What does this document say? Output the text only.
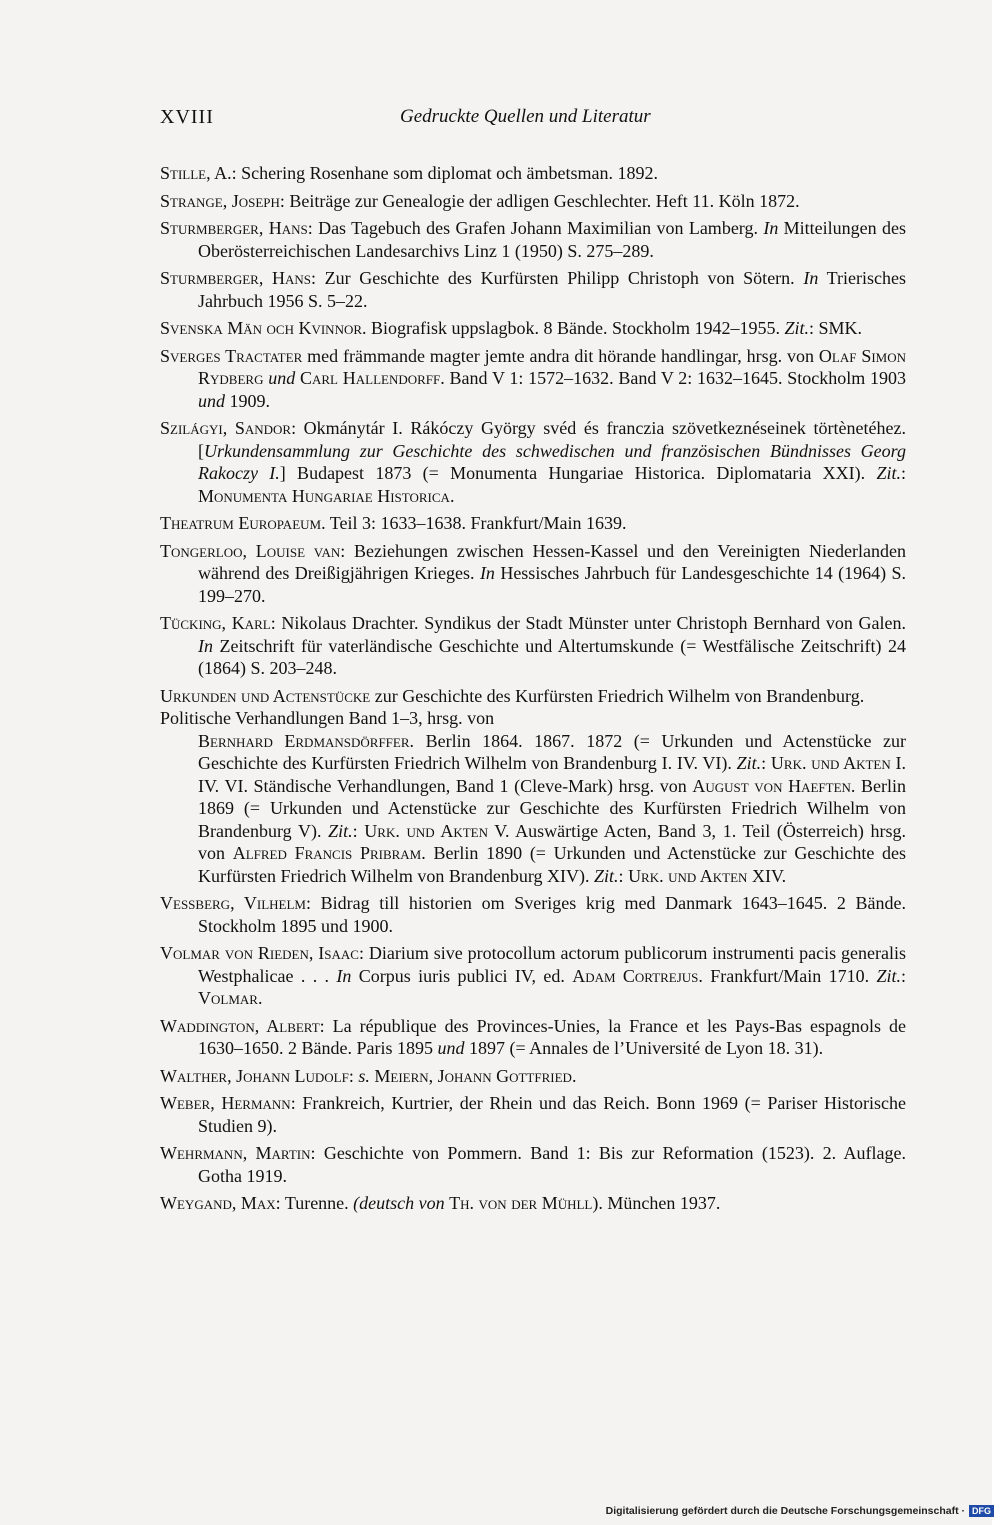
XVIII	Gedruckte Quellen und Literatur

Stille, A.: Schering Rosenhane som diplomat och ämbetsman. 1892.

Strange, Joseph: Beiträge zur Genealogie der adligen Geschlechter. Heft 11. Köln 1872.

Sturmberger, Hans: Das Tagebuch des Grafen Johann Maximilian von Lamberg. In Mitteilungen des Oberösterreichischen Landesarchivs Linz 1 (1950) S. 275–289.

Sturmberger, Hans: Zur Geschichte des Kurfürsten Philipp Christoph von Sötern. In Trierisches Jahrbuch 1956 S. 5–22.

Svenska Män och Kvinnor. Biografisk uppslagbok. 8 Bände. Stockholm 1942–1955. Zit.: SMK.

Sverges Tractater med främmande magter jemte andra dit hörande handlingar, hrsg. von Olaf Simon Rydberg und Carl Hallendorff. Band V 1: 1572–1632. Band V 2: 1632–1645. Stockholm 1903 und 1909.

Szilágyi, Sandor: Okmánytár I. Rákóczy György svéd és franczia szövetkeznéseinek törtènetéhez. [Urkundensammlung zur Geschichte des schwedischen und französischen Bündnisses Georg Rakoczy I.] Budapest 1873 (= Monumenta Hungariae Historica. Diplomataria XXI). Zit.: Monumenta Hungariae Historica.

Theatrum Europaeum. Teil 3: 1633–1638. Frankfurt/Main 1639.

Tongerloo, Louise van: Beziehungen zwischen Hessen-Kassel und den Vereinigten Niederlanden während des Dreißigjährigen Krieges. In Hessisches Jahrbuch für Landesgeschichte 14 (1964) S. 199–270.

Tücking, Karl: Nikolaus Drachter. Syndikus der Stadt Münster unter Christoph Bernhard von Galen. In Zeitschrift für vaterländische Geschichte und Altertumskunde (= Westfälische Zeitschrift) 24 (1864) S. 203–248.

Urkunden und Actenstücke zur Geschichte des Kurfürsten Friedrich Wilhelm von Brandenburg.
Politische Verhandlungen Band 1–3, hrsg. von
Bernhard Erdmansdörffer. Berlin 1864. 1867. 1872 (= Urkunden und Actenstücke zur Geschichte des Kurfürsten Friedrich Wilhelm von Brandenburg I. IV. VI). Zit.: Urk. und Akten I. IV. VI. Ständische Verhandlungen, Band 1 (Cleve-Mark) hrsg. von August von Haeften. Berlin 1869 (= Urkunden und Actenstücke zur Geschichte des Kurfürsten Friedrich Wilhelm von Brandenburg V). Zit.: Urk. und Akten V. Auswärtige Acten, Band 3, 1. Teil (Österreich) hrsg. von Alfred Francis Pribram. Berlin 1890 (= Urkunden und Actenstücke zur Geschichte des Kurfürsten Friedrich Wilhelm von Brandenburg XIV). Zit.: Urk. und Akten XIV.

Vessberg, Vilhelm: Bidrag till historien om Sveriges krig med Danmark 1643–1645. 2 Bände. Stockholm 1895 und 1900.

Volmar von Rieden, Isaac: Diarium sive protocollum actorum publicorum instrumenti pacis generalis Westphalicae . . . In Corpus iuris publici IV, ed. Adam Cortrejus. Frankfurt/Main 1710. Zit.: Volmar.

Waddington, Albert: La république des Provinces-Unies, la France et les Pays-Bas espagnols de 1630–1650. 2 Bände. Paris 1895 und 1897 (= Annales de l’Université de Lyon 18. 31).

Walther, Johann Ludolf: s. Meiern, Johann Gottfried.

Weber, Hermann: Frankreich, Kurtrier, der Rhein und das Reich. Bonn 1969 (= Pariser Historische Studien 9).

Wehrmann, Martin: Geschichte von Pommern. Band 1: Bis zur Reformation (1523). 2. Auflage. Gotha 1919.

Weygand, Max: Turenne. (deutsch von Th. von der Mühll). München 1937.

Digitalisierung gefördert durch die Deutsche Forschungsgemeinschaft · DFG
